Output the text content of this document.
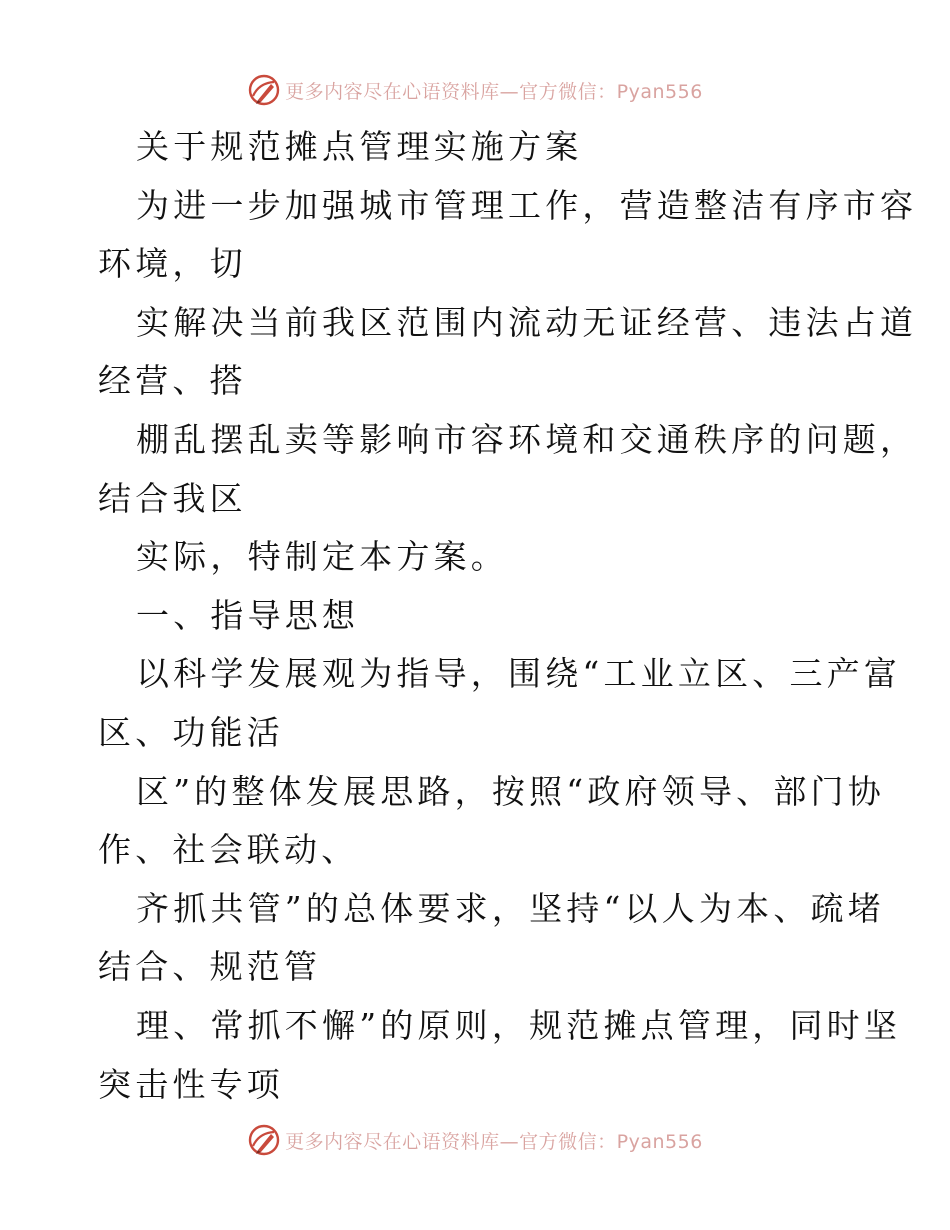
更多内容尽在心语资料库—官方微信：Pyan556
关于规范摊点管理实施方案
为进一步加强城市管理工作，营造整洁有序市容
环境，切
实解决当前我区范围内流动无证经营、违法占道
经营、搭
棚乱摆乱卖等影响市容环境和交通秩序的问题，
结合我区
实际，特制定本方案。
一、指导思想
以科学发展观为指导，围绕“工业立区、三产富
区、功能活
区”的整体发展思路，按照“政府领导、部门协
作、社会联动、
齐抓共管”的总体要求，坚持“以人为本、疏堵
结合、规范管
理、常抓不懈”的原则，规范摊点管理，同时坚
突击性专项
更多内容尽在心语资料库—官方微信：Pyan556
